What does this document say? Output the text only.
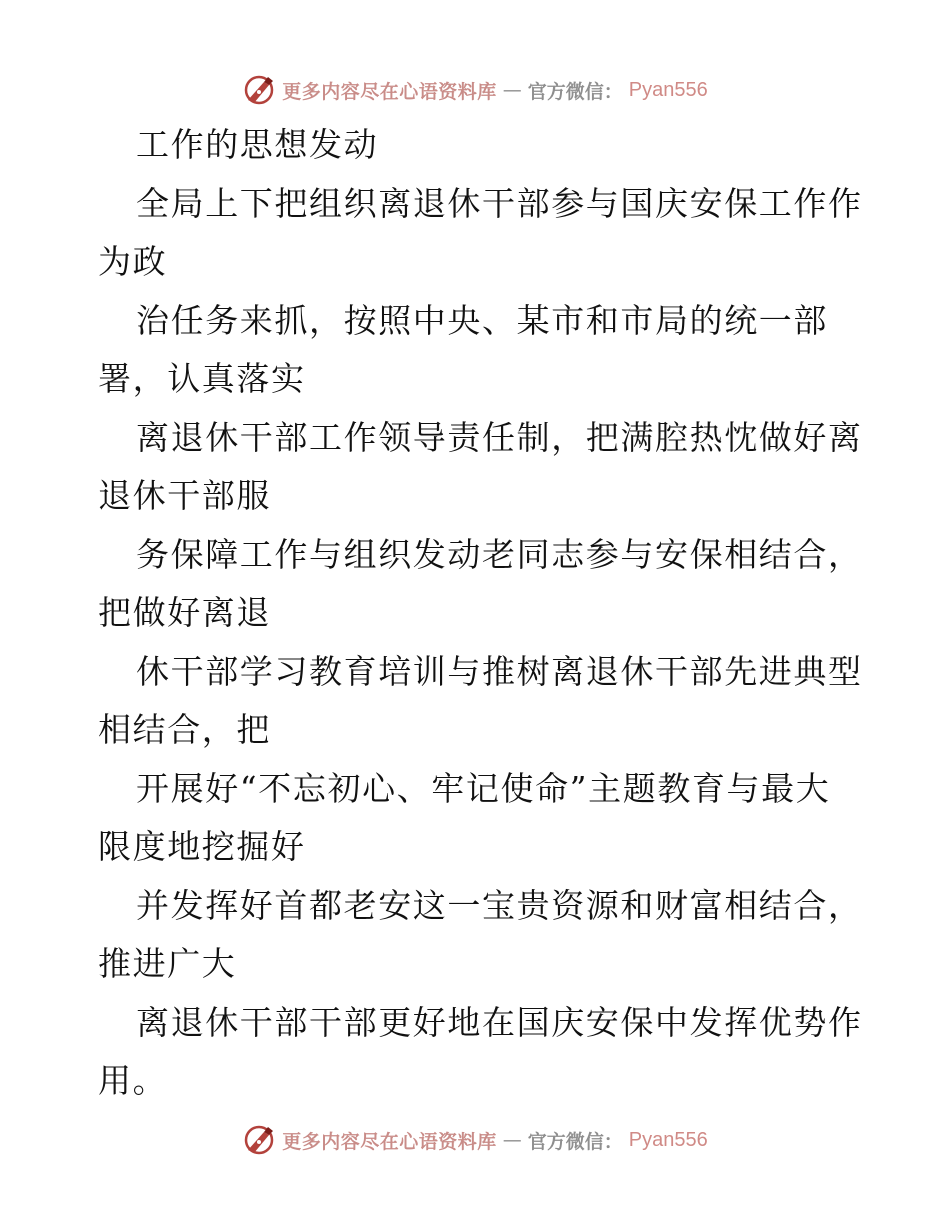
更多内容尽在心语资料库 — 官方微信： Pyan556
工作的思想发动
全局上下把组织离退休干部参与国庆安保工作作
为政
治任务来抓，按照中央、某市和市局的统一部
署，认真落实
离退休干部工作领导责任制，把满腔热忱做好离
退休干部服
务保障工作与组织发动老同志参与安保相结合，
把做好离退
休干部学习教育培训与推树离退休干部先进典型
相结合，把
开展好“不忘初心、牢记使命”主题教育与最大
限度地挖掘好
并发挥好首都老安这一宝贵资源和财富相结合，
推进广大
离退休干部干部更好地在国庆安保中发挥优势作
用。
更多内容尽在心语资料库 — 官方微信： Pyan556
